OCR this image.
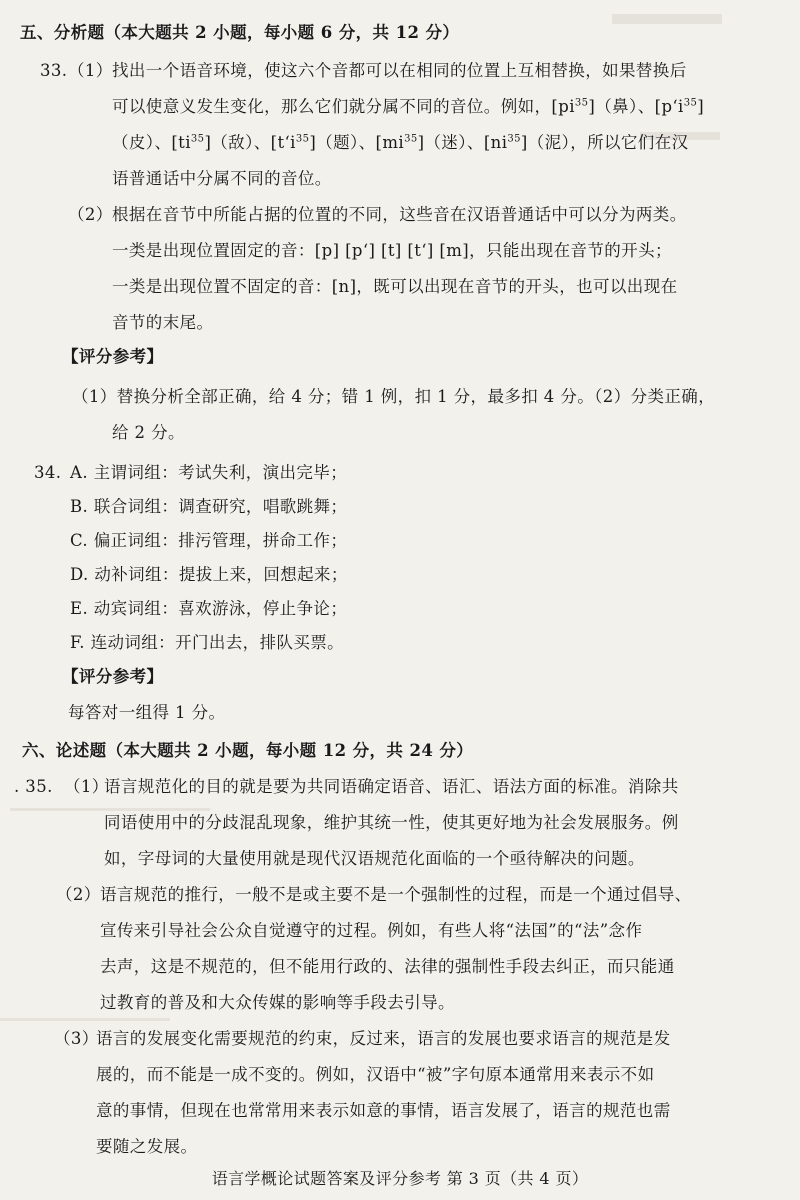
五、分析题（本大题共 2 小题，每小题 6 分，共 12 分）
33. （1） 找出一个语音环境，使这六个音都可以在相同的位置上互相替换，如果替换后
可以使意义发生变化，那么它们就分属不同的音位。例如，$[pi^{35}]$（鼻）、$[p‘i^{35}]$
（皮）、$[ti^{35}]$（敌）、$[t‘i^{35}]$（题）、$[mi^{35}]$（迷）、$[ni^{35}]$（泥），所以它们在汉
语普通话中分属不同的音位。
（2） 根据在音节中所能占据的位置的不同，这些音在汉语普通话中可以分为两类。
一类是出现位置固定的音：[p] [p‘] [t] [t‘] [m]，只能出现在音节的开头；
一类是出现位置不固定的音：[n]，既可以出现在音节的开头，也可以出现在
音节的末尾。
【评分参考】
（1）替换分析全部正确，给 4 分；错 1 例，扣 1 分，最多扣 4 分。（2）分类正确，
给 2 分。
34. A. 主谓词组：考试失利，演出完毕；
B. 联合词组：调查研究，唱歌跳舞；
C. 偏正词组：排污管理，拼命工作；
D. 动补词组：提拔上来，回想起来；
E. 动宾词组：喜欢游泳，停止争论；
F. 连动词组：开门出去，排队买票。
【评分参考】
每答对一组得 1 分。
六、论述题（本大题共 2 小题，每小题 12 分，共 24 分）
. 35. （1）
语言规范化的目的就是要为共同语确定语音、语汇、语法方面的标准。消除共
同语使用中的分歧混乱现象，维护其统一性，使其更好地为社会发展服务。例
如，字母词的大量使用就是现代汉语规范化面临的一个亟待解决的问题。
（2） 语言规范的推行，一般不是或主要不是一个强制性的过程，而是一个通过倡导、
宣传来引导社会公众自觉遵守的过程。例如，有些人将“法国”的“法”念作
去声，这是不规范的，但不能用行政的、法律的强制性手段去纠正，而只能通
过教育的普及和大众传媒的影响等手段去引导。
（3）
语言的发展变化需要规范的约束，反过来，语言的发展也要求语言的规范是发
展的，而不能是一成不变的。例如，汉语中“被”字句原本通常用来表示不如
意的事情，但现在也常常用来表示如意的事情，语言发展了，语言的规范也需
要随之发展。
语言学概论试题答案及评分参考 第 3 页（共 4 页）
